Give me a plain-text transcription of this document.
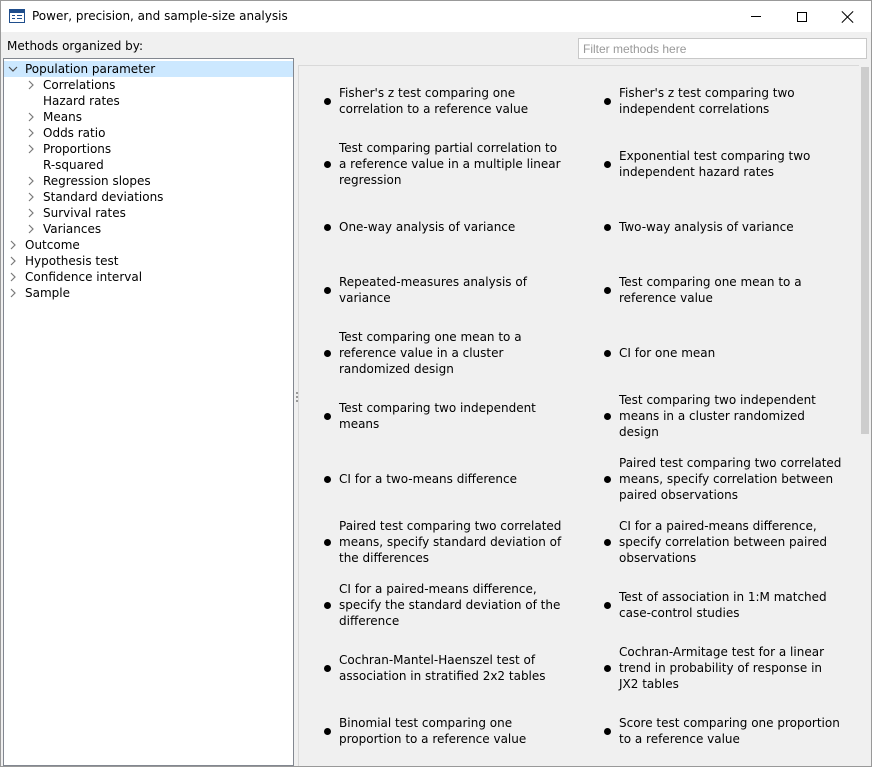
Power, precision, and sample-size analysis
Methods organized by:
Population parameter
Correlations
Hazard rates
Means
Odds ratio
Proportions
R-squared
Regression slopes
Standard deviations
Survival rates
Variances
Outcome
Hypothesis test
Confidence interval
Sample
Filter methods here
Fisher's z test comparing one correlation to a reference value
Fisher's z test comparing two independent correlations
Test comparing partial correlation to a reference value in a multiple linear regression
Exponential test comparing two independent hazard rates
One-way analysis of variance	Two-way analysis of variance
Repeated-measures analysis of variance
Test comparing one mean to a reference value
Test comparing one mean to a reference value in a cluster randomized design
CI for one mean
Test comparing two independent means
Test comparing two independent means in a cluster randomized design
CI for a two-means difference
Paired test comparing two correlated means, specify correlation between paired observations
Paired test comparing two correlated means, specify standard deviation of the differences
CI for a paired-means difference, specify correlation between paired observations
CI for a paired-means difference, specify the standard deviation of the difference
Test of association in 1:M matched case-control studies
Cochran-Mantel-Haenszel test of association in stratified 2x2 tables
Cochran-Armitage test for a linear trend in probability of response in JX2 tables
Binomial test comparing one proportion to a reference value
Score test comparing one proportion to a reference value
